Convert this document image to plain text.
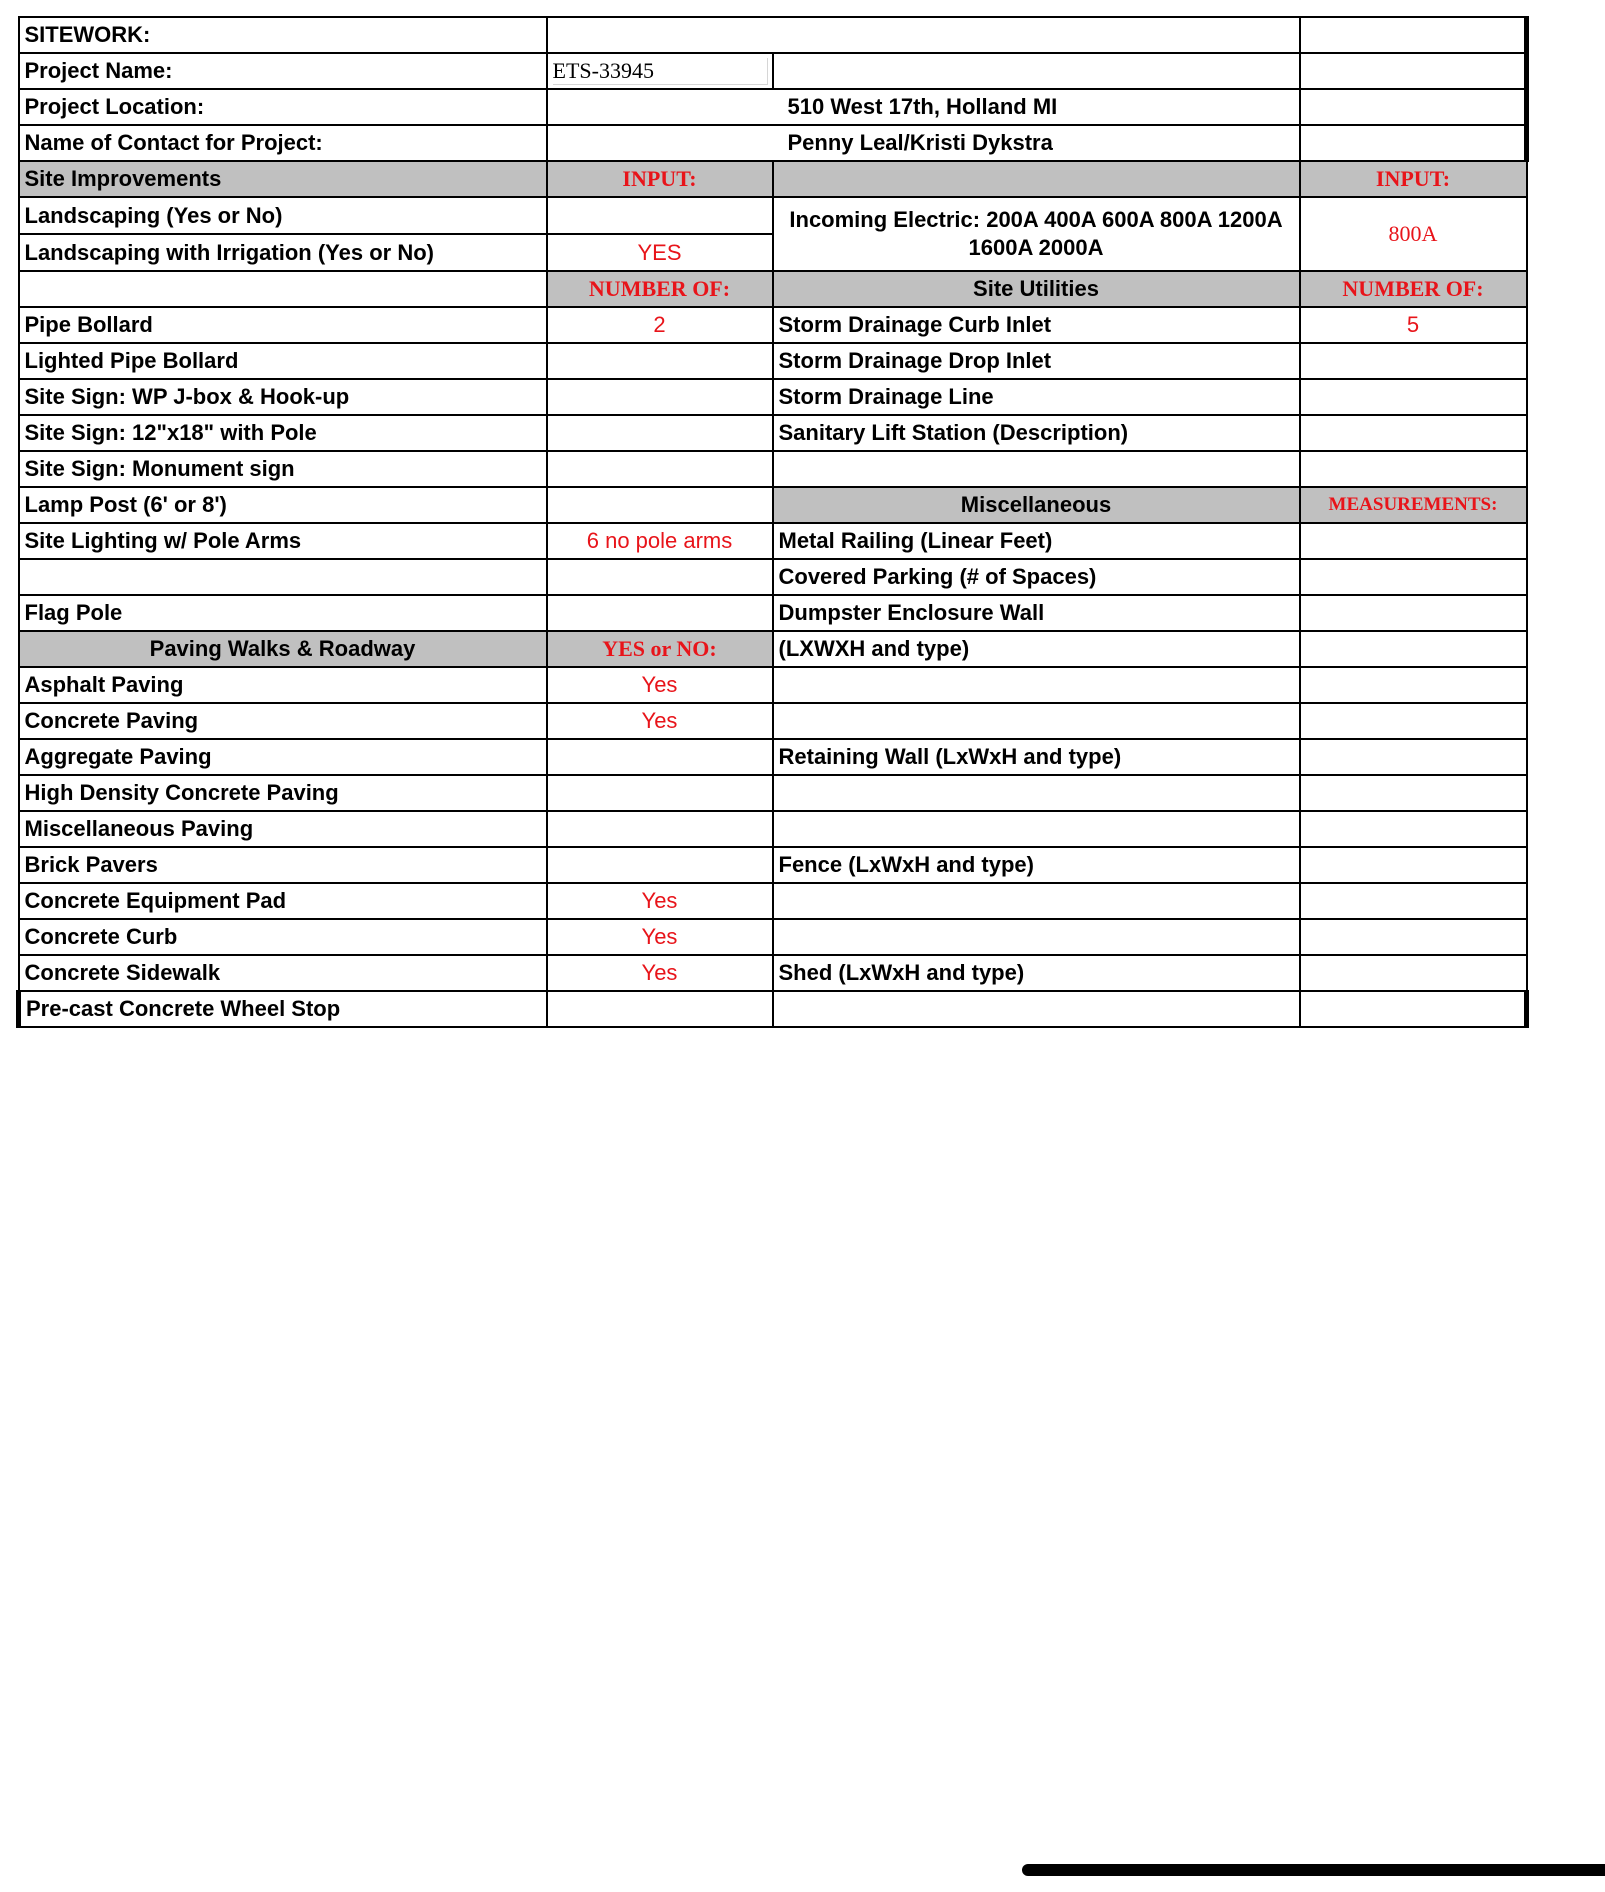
SITEWORK:			
Project Name:	ETS-33945		
Project Location:	510 West 17th, Holland MI		
Name of Contact for Project:	Penny Leal/Kristi Dykstra		
Site Improvements	INPUT:		INPUT:
Landscaping (Yes or No)		Incoming Electric: 200A 400A 600A 800A 1200A 1600A 2000A	800A
Landscaping with Irrigation (Yes or No)	YES		
	NUMBER OF:	Site Utilities	NUMBER OF:
Pipe Bollard	2	Storm Drainage Curb Inlet	5
Lighted Pipe Bollard		Storm Drainage Drop Inlet	
Site Sign: WP J-box & Hook-up		Storm Drainage Line	
Site Sign: 12"x18" with Pole		Sanitary Lift Station (Description)	
Site Sign: Monument sign			
Lamp Post (6' or 8')		Miscellaneous	MEASUREMENTS:
Site Lighting w/ Pole Arms	6 no pole arms	Metal Railing (Linear Feet)	
		Covered Parking (# of Spaces)	
Flag Pole		Dumpster Enclosure Wall	
Paving Walks & Roadway	YES or NO:	(LXWXH and type)	
Asphalt Paving	Yes		
Concrete Paving	Yes		
Aggregate Paving		Retaining Wall (LxWxH and type)	
High Density Concrete Paving			
Miscellaneous Paving			
Brick Pavers		Fence (LxWxH and type)	
Concrete Equipment Pad	Yes		
Concrete Curb	Yes		
Concrete Sidewalk	Yes	Shed (LxWxH and type)	
Pre-cast Concrete Wheel Stop			
